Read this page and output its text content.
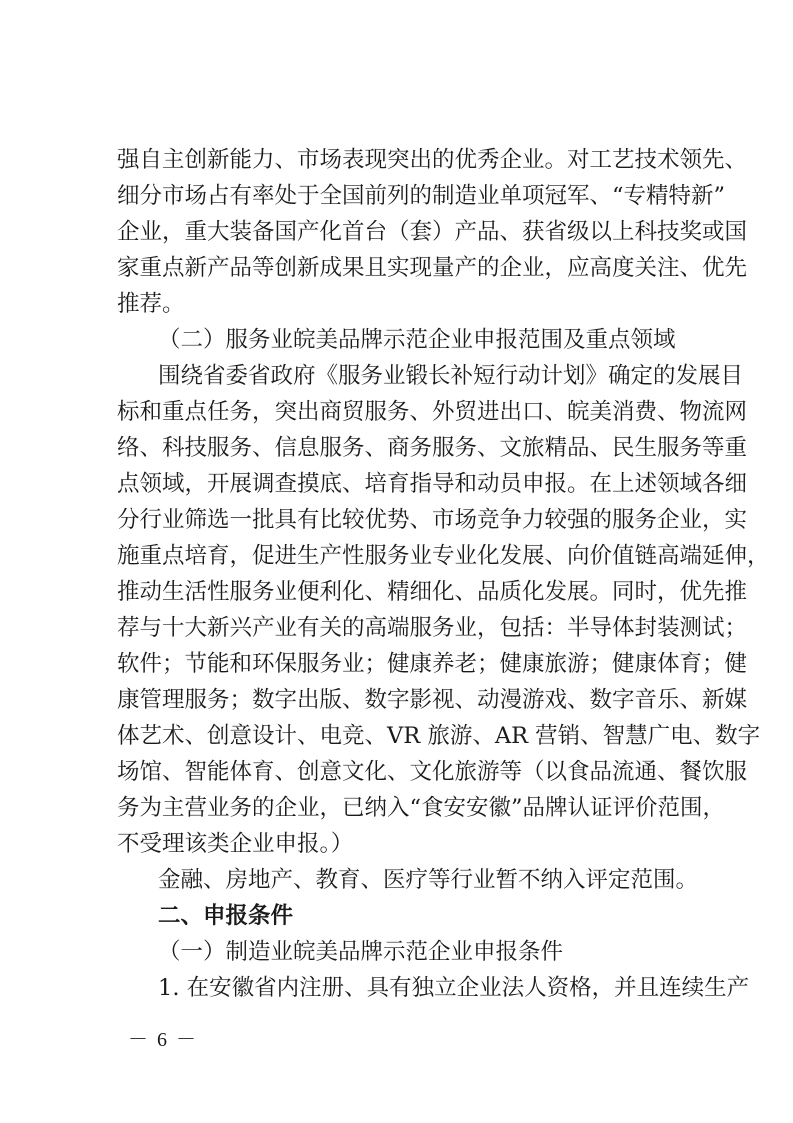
强自主创新能力、市场表现突出的优秀企业。对工艺技术领先、
细分市场占有率处于全国前列的制造业单项冠军、“专精特新”
企业，重大装备国产化首台（套）产品、获省级以上科技奖或国
家重点新产品等创新成果且实现量产的企业，应高度关注、优先
推荐。
（二）服务业皖美品牌示范企业申报范围及重点领域
围绕省委省政府《服务业锻长补短行动计划》确定的发展目
标和重点任务，突出商贸服务、外贸进出口、皖美消费、物流网
络、科技服务、信息服务、商务服务、文旅精品、民生服务等重
点领域，开展调查摸底、培育指导和动员申报。在上述领域各细
分行业筛选一批具有比较优势、市场竞争力较强的服务企业，实
施重点培育，促进生产性服务业专业化发展、向价值链高端延伸，
推动生活性服务业便利化、精细化、品质化发展。同时，优先推
荐与十大新兴产业有关的高端服务业，包括：半导体封装测试；
软件；节能和环保服务业；健康养老；健康旅游；健康体育；健
康管理服务；数字出版、数字影视、动漫游戏、数字音乐、新媒
体艺术、创意设计、电竞、VR 旅游、AR 营销、智慧广电、数字
场馆、智能体育、创意文化、文化旅游等（以食品流通、餐饮服
务为主营业务的企业，已纳入“食安安徽”品牌认证评价范围，
不受理该类企业申报。）
金融、房地产、教育、医疗等行业暂不纳入评定范围。
二、申报条件
（一）制造业皖美品牌示范企业申报条件
1. 在安徽省内注册、具有独立企业法人资格，并且连续生产
－ 6 －
